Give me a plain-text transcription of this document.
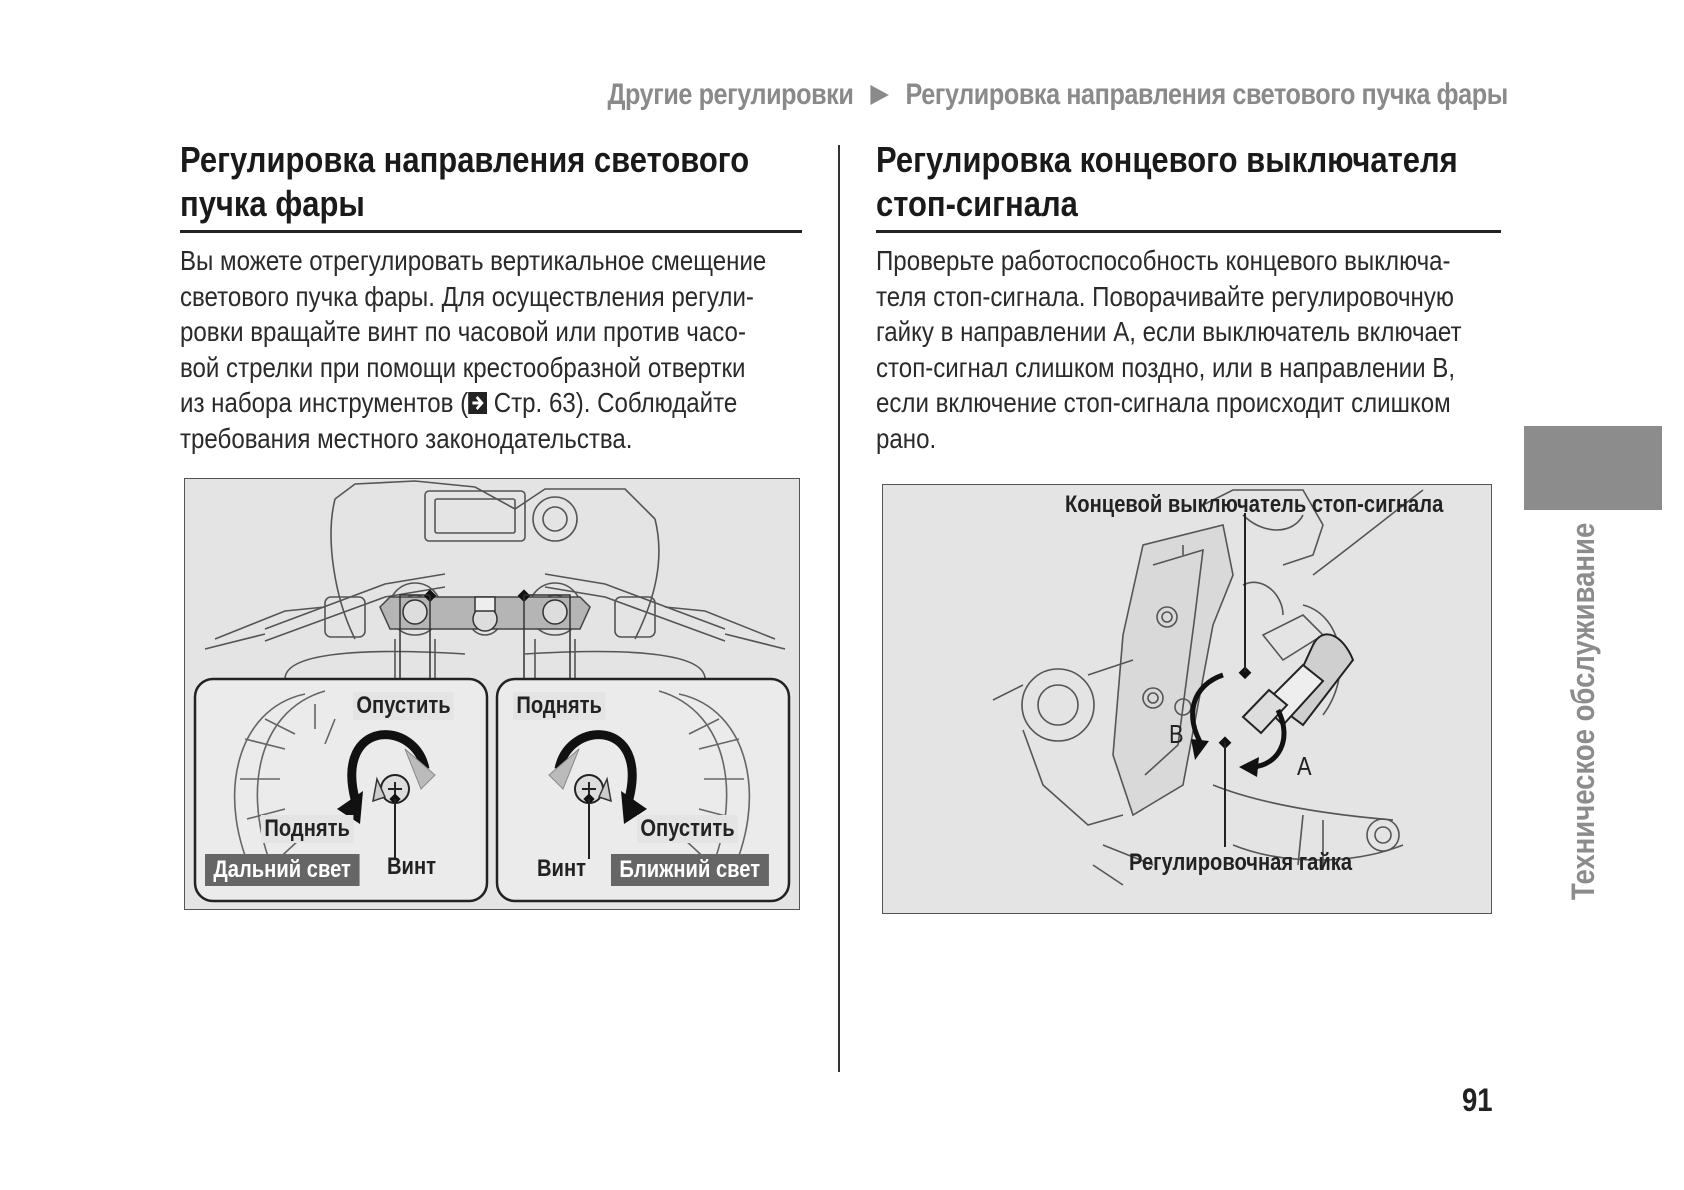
Другие регулировки Регулировка направления светового пучка фары
Регулировка направления светового
пучка фары

Вы можете отрегулировать вертикальное смещение
светового пучка фары. Для осуществления регули-
ровки вращайте винт по часовой или против часо-
вой стрелки при помощи крестообразной отвертки
из набора инструментов ( Стр. 63). Соблюдайте
требования местного законодательства.

Опустить
Поднять
Винт
Дальний свет
Поднять
Опустить
Винт	Ближний свет
Регулировка концевого выключателя
стоп-сигнала

Проверьте работоспособность концевого выключа-
теля стоп-сигнала. Поворачивайте регулировочную
гайку в направлении А, если выключатель включает
стоп-сигнал слишком поздно, или в направлении В,
если включение стоп-сигнала происходит слишком
рано.

Концевой выключатель стоп-сигнала
Регулировочная гайка
B
A	Техническое обслуживание
91
